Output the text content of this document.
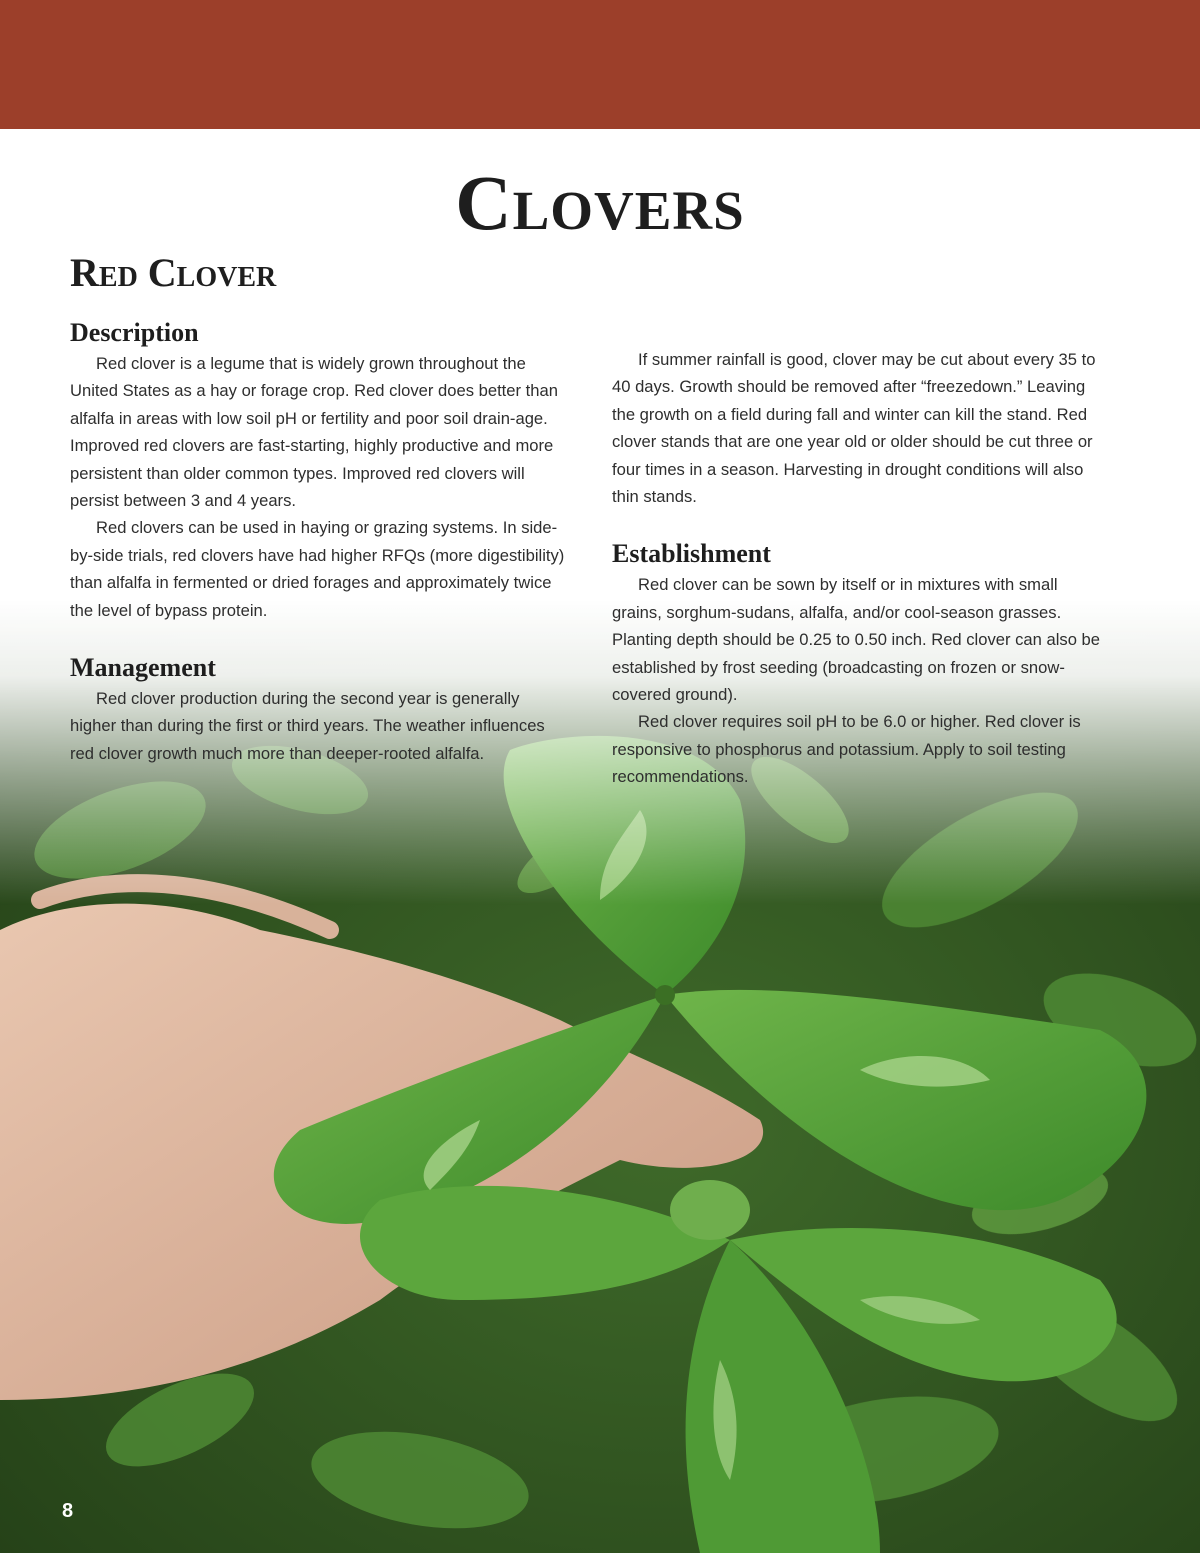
Clovers
Red Clover
Description

Red clover is a legume that is widely grown throughout the United States as a hay or forage crop. Red clover does better than alfalfa in areas with low soil pH or fertility and poor soil drain-age. Improved red clovers are fast-starting, highly productive and more persistent than older common types. Improved red clovers will persist between 3 and 4 years.

Red clovers can be used in haying or grazing systems. In side-by-side trials, red clovers have had higher RFQs (more digestibility) than alfalfa in fermented or dried forages and approximately twice the level of bypass protein.

Management

Red clover production during the second year is generally higher than during the first or third years. The weather influences red clover growth much more than deeper-rooted alfalfa.

If summer rainfall is good, clover may be cut about every 35 to 40 days. Growth should be removed after “freezedown.” Leaving the growth on a field during fall and winter can kill the stand. Red clover stands that are one year old or older should be cut three or four times in a season. Harvesting in drought conditions will also thin stands.

Establishment

Red clover can be sown by itself or in mixtures with small grains, sorghum-sudans, alfalfa, and/or cool-season grasses. Planting depth should be 0.25 to 0.50 inch. Red clover can also be established by frost seeding (broadcasting on frozen or snow-covered ground).

Red clover requires soil pH to be 6.0 or higher. Red clover is responsive to phosphorus and potassium. Apply to soil testing recommendations.

8
